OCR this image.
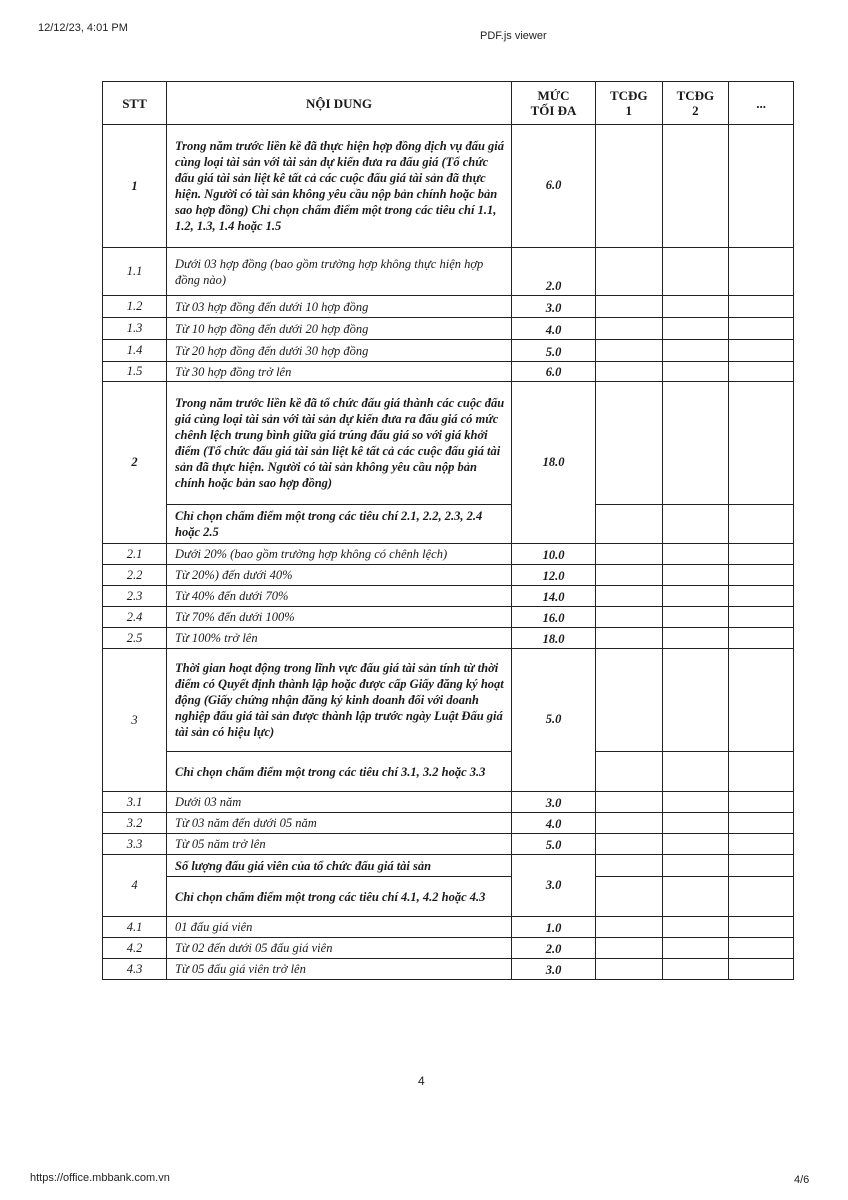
12/12/23, 4:01 PM
PDF.js viewer
STT	NỘI DUNG	MỨC TỐI ĐA	TCĐG 1	TCĐG 2	...
1	Trong năm trước liền kề đã thực hiện hợp đồng dịch vụ đấu giá cùng loại tài sản với tài sản dự kiến đưa ra đấu giá (Tổ chức đấu giá tài sản liệt kê tất cả các cuộc đấu giá tài sản đã thực hiện. Người có tài sản không yêu cầu nộp bản chính hoặc bản sao hợp đồng) Chỉ chọn chấm điểm một trong các tiêu chí 1.1, 1.2, 1.3, 1.4 hoặc 1.5	6.0			
1.1	Dưới 03 hợp đồng (bao gồm trường hợp không thực hiện hợp đồng nào)	2.0			
1.2	Từ 03 hợp đồng đến dưới 10 hợp đồng	3.0			
1.3	Từ 10 hợp đồng đến dưới 20 hợp đồng	4.0			
1.4	Từ 20 hợp đồng đến dưới 30 hợp đồng	5.0			
1.5	Từ 30 hợp đồng trở lên	6.0			
2	Trong năm trước liền kề đã tổ chức đấu giá thành các cuộc đấu giá cùng loại tài sản với tài sản dự kiến đưa ra đấu giá có mức chênh lệch trung bình giữa giá trúng đấu giá so với giá khởi điểm (Tổ chức đấu giá tài sản liệt kê tất cả các cuộc đấu giá tài sản đã thực hiện. Người có tài sản không yêu cầu nộp bản chính hoặc bản sao hợp đồng)	18.0			
	Chỉ chọn chấm điểm một trong các tiêu chí 2.1, 2.2, 2.3, 2.4 hoặc 2.5				
2.1	Dưới 20% (bao gồm trường hợp không có chênh lệch)	10.0			
2.2	Từ 20%) đến dưới 40%	12.0			
2.3	Từ 40% đến dưới 70%	14.0			
2.4	Từ 70% đến dưới 100%	16.0			
2.5	Từ 100% trở lên	18.0			
3	Thời gian hoạt động trong lĩnh vực đấu giá tài sản tính từ thời điểm có Quyết định thành lập hoặc được cấp Giấy đăng ký hoạt động (Giấy chứng nhận đăng ký kinh doanh đối với doanh nghiệp đấu giá tài sản được thành lập trước ngày Luật Đấu giá tài sản có hiệu lực)	5.0			
	Chỉ chọn chấm điểm một trong các tiêu chí 3.1, 3.2 hoặc 3.3				
3.1	Dưới 03 năm	3.0			
3.2	Từ 03 năm đến dưới 05 năm	4.0			
3.3	Từ 05 năm trở lên	5.0			
4	Số lượng đấu giá viên của tổ chức đấu giá tài sản	3.0			
	Chỉ chọn chấm điểm một trong các tiêu chí 4.1, 4.2 hoặc 4.3				
4.1	01 đấu giá viên	1.0			
4.2	Từ 02 đến dưới 05 đấu giá viên	2.0			
4.3	Từ 05 đấu giá viên trở lên	3.0			
4
https://office.mbbank.com.vn	4/6
